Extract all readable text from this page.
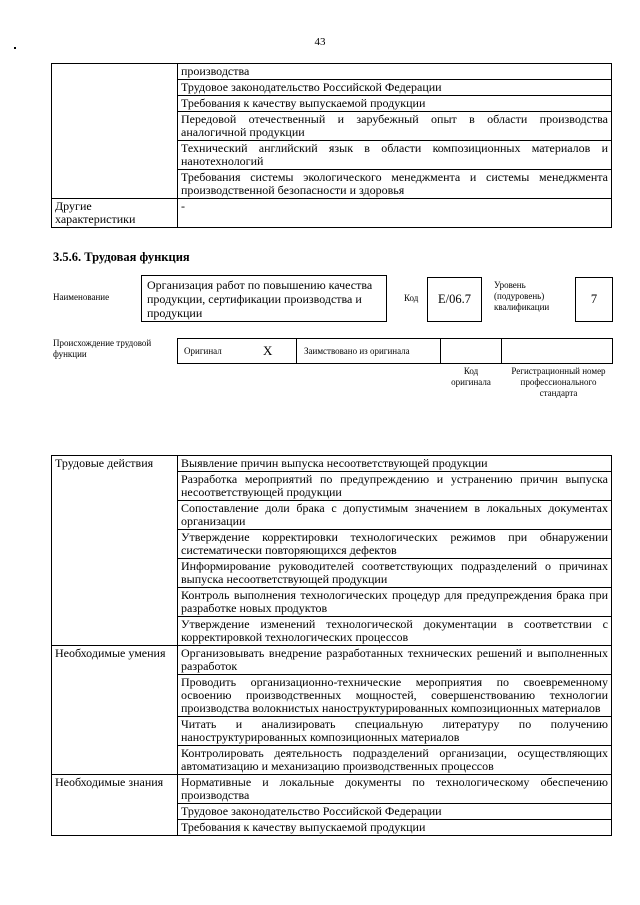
43
	производства
	Трудовое законодательство Российской Федерации
	Требования к качеству выпускаемой продукции
	Передовой отечественный и зарубежный опыт в области производства аналогичной продукции
	Технический английский язык в области композиционных материалов и нанотехнологий
	Требования системы экологического менеджмента и системы менеджмента производственной безопасности и здоровья
Другие характеристики	-
3.5.6. Трудовая функция
Наименование
Организация работ по повышению качества продукции, сертификации производства и продукции
Код E/06.7
Уровень (подуровень) квалификации
7
Происхождение трудовой функции	Оригинал	X	Заимствовано из оригинала
Код оригинала
Регистрационный номер профессионального стандарта
Трудовые действия	Выявление причин выпуска несоответствующей продукции
	Разработка мероприятий по предупреждению и устранению причин выпуска несоответствующей продукции
	Сопоставление доли брака с допустимым значением в локальных документах организации
	Утверждение корректировки технологических режимов при обнаружении систематически повторяющихся дефектов
	Информирование руководителей соответствующих подразделений о причинах выпуска несоответствующей продукции
	Контроль выполнения технологических процедур для предупреждения брака при разработке новых продуктов
	Утверждение изменений технологической документации в соответствии с корректировкой технологических процессов
Необходимые умения	Организовывать внедрение разработанных технических решений и выполненных разработок
	Проводить организационно-технические мероприятия по своевременному освоению производственных мощностей, совершенствованию технологии производства волокнистых наноструктурированных композиционных материалов
	Читать и анализировать специальную литературу по получению наноструктурированных композиционных материалов
	Контролировать деятельность подразделений организации, осуществляющих автоматизацию и механизацию производственных процессов
Необходимые знания	Нормативные и локальные документы по технологическому обеспечению производства
	Трудовое законодательство Российской Федерации
	Требования к качеству выпускаемой продукции
